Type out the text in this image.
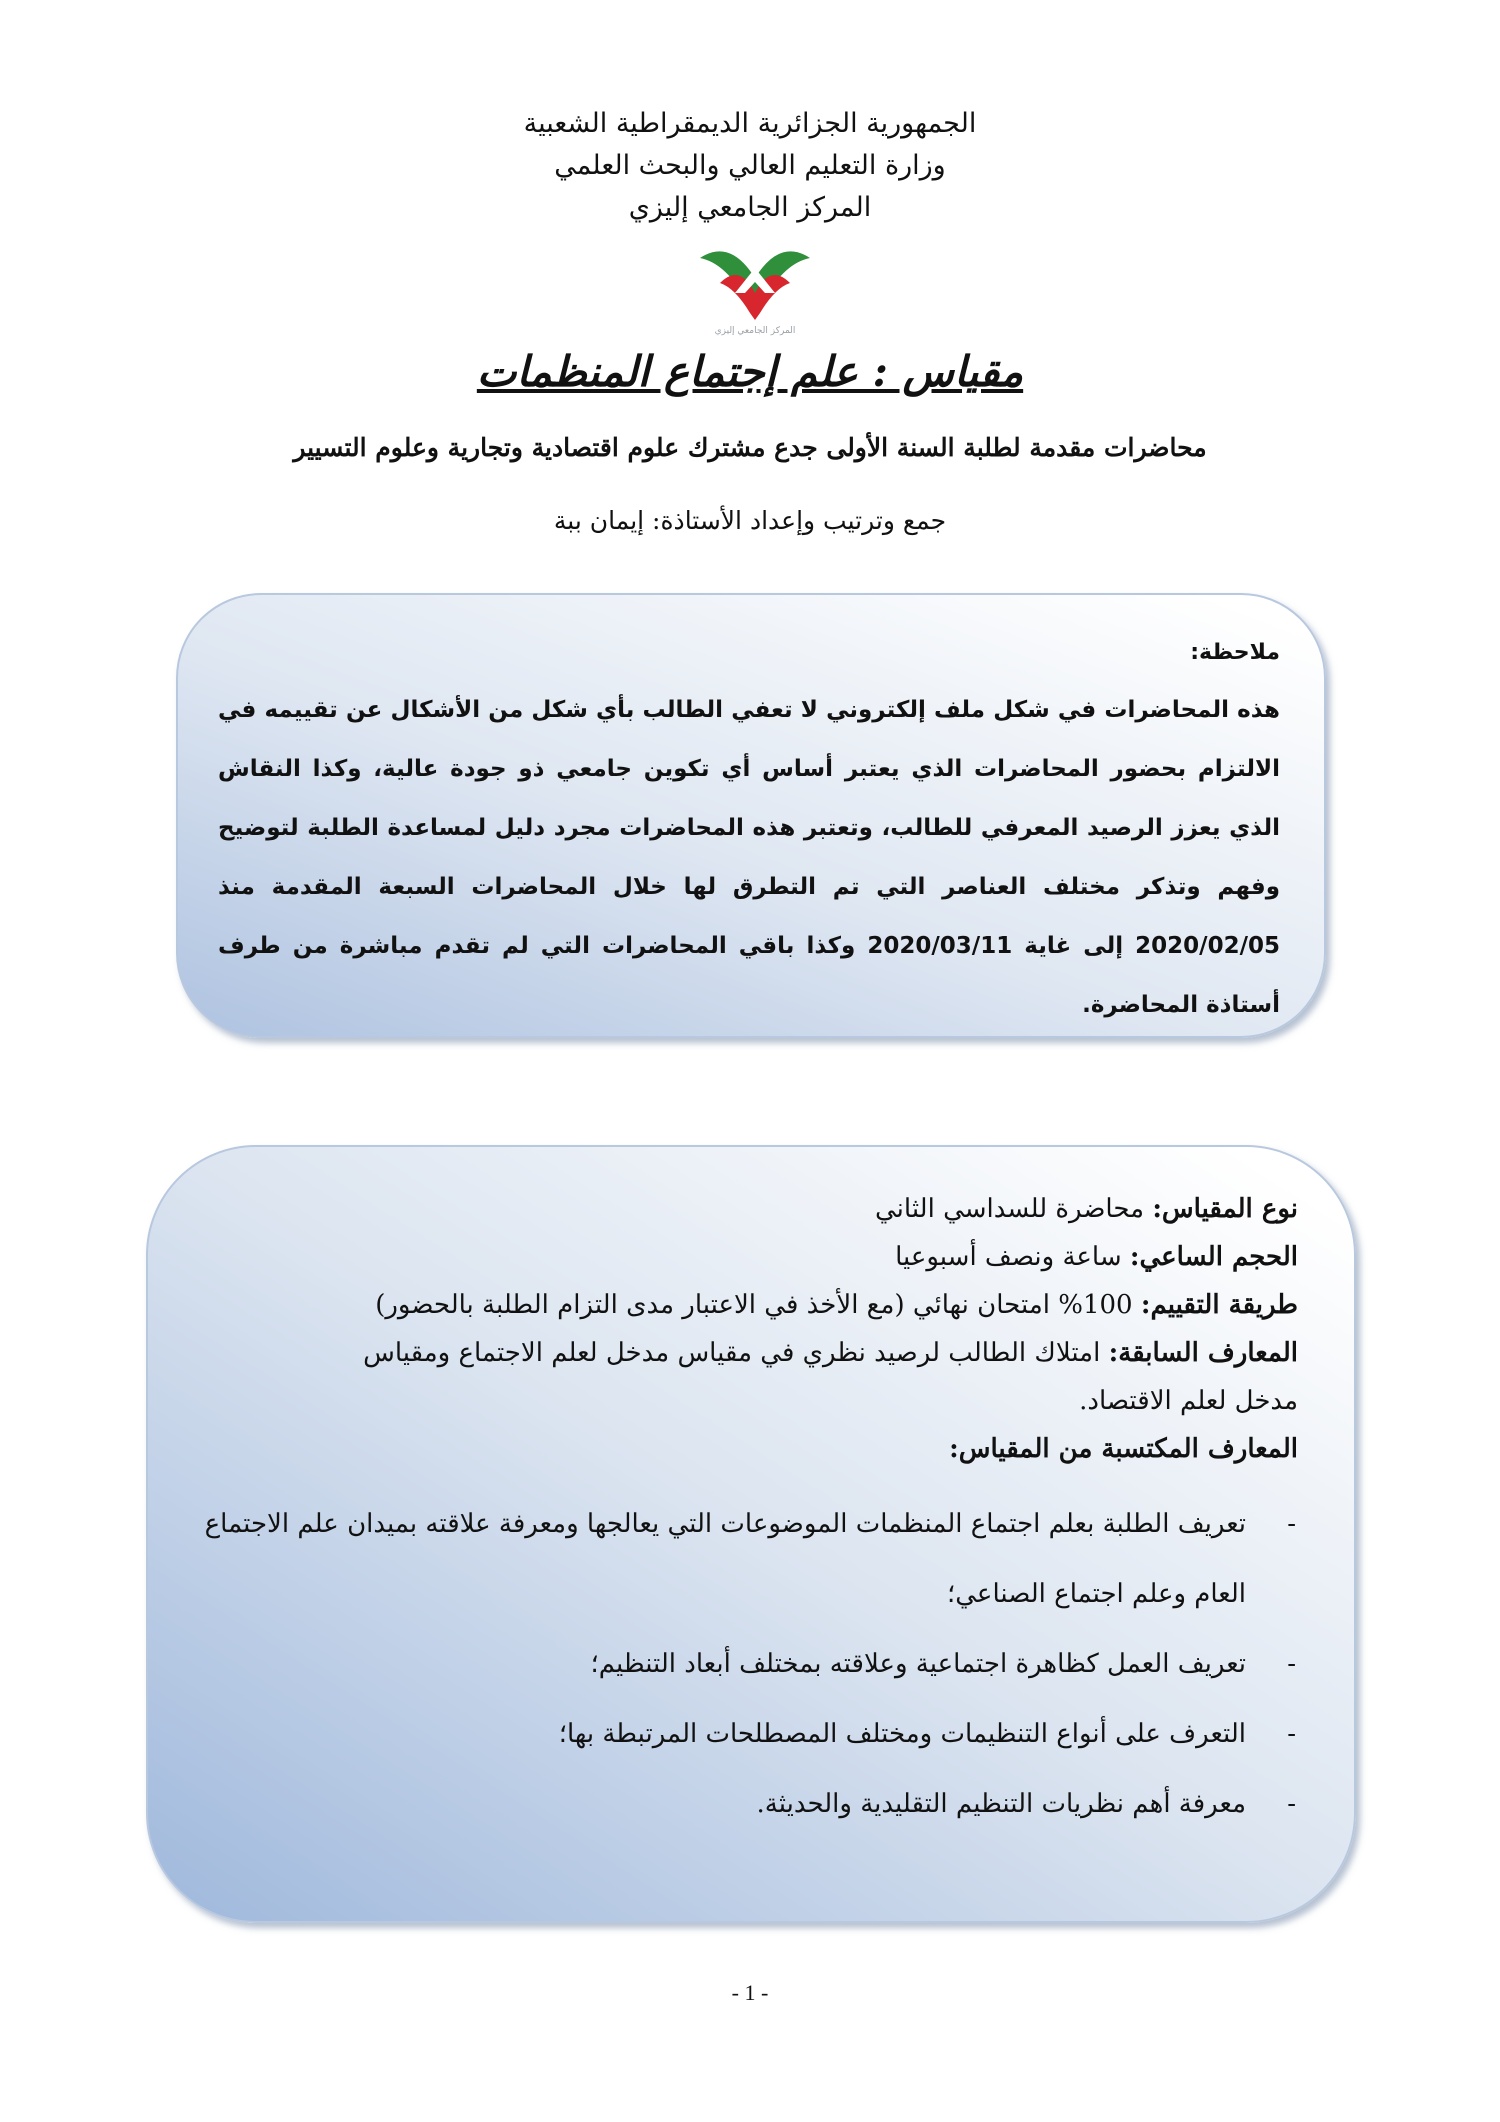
الجمهورية الجزائرية الديمقراطية الشعبية
وزارة التعليم العالي والبحث العلمي
المركز الجامعي إليزي
المركز الجامعي إليزي
مقياس : علم إجتماع المنظمات
محاضرات مقدمة لطلبة السنة الأولى جدع مشترك علوم اقتصادية وتجارية وعلوم التسيير
جمع وترتيب وإعداد الأستاذة: إيمان ببة
ملاحظة:
هذه المحاضرات في شكل ملف إلكتروني لا تعفي الطالب بأي شكل من الأشكال عن تقييمه في الالتزام بحضور المحاضرات الذي يعتبر أساس أي تكوين جامعي ذو جودة عالية، وكذا النقاش الذي يعزز الرصيد المعرفي للطالب، وتعتبر هذه المحاضرات مجرد دليل لمساعدة الطلبة لتوضيح وفهم وتذكر مختلف العناصر التي تم التطرق لها خلال المحاضرات السبعة المقدمة منذ 2020/02/05 إلى غاية 2020/03/11 وكذا باقي المحاضرات التي لم تقدم مباشرة من طرف أستاذة المحاضرة.
نوع المقياس: محاضرة للسداسي الثاني
الحجم الساعي: ساعة ونصف أسبوعيا
طريقة التقييم: 100% امتحان نهائي (مع الأخذ في الاعتبار مدى التزام الطلبة بالحضور)
المعارف السابقة: امتلاك الطالب لرصيد نظري في مقياس مدخل لعلم الاجتماع ومقياس
مدخل لعلم الاقتصاد.
المعارف المكتسبة من المقياس:
-
تعريف الطلبة بعلم اجتماع المنظمات الموضوعات التي يعالجها ومعرفة علاقته بميدان علم الاجتماع العام وعلم اجتماع الصناعي؛
-
تعريف العمل كظاهرة اجتماعية وعلاقته بمختلف أبعاد التنظيم؛
-
التعرف على أنواع التنظيمات ومختلف المصطلحات المرتبطة بها؛
-
معرفة أهم نظريات التنظيم التقليدية والحديثة.
- 1 -
